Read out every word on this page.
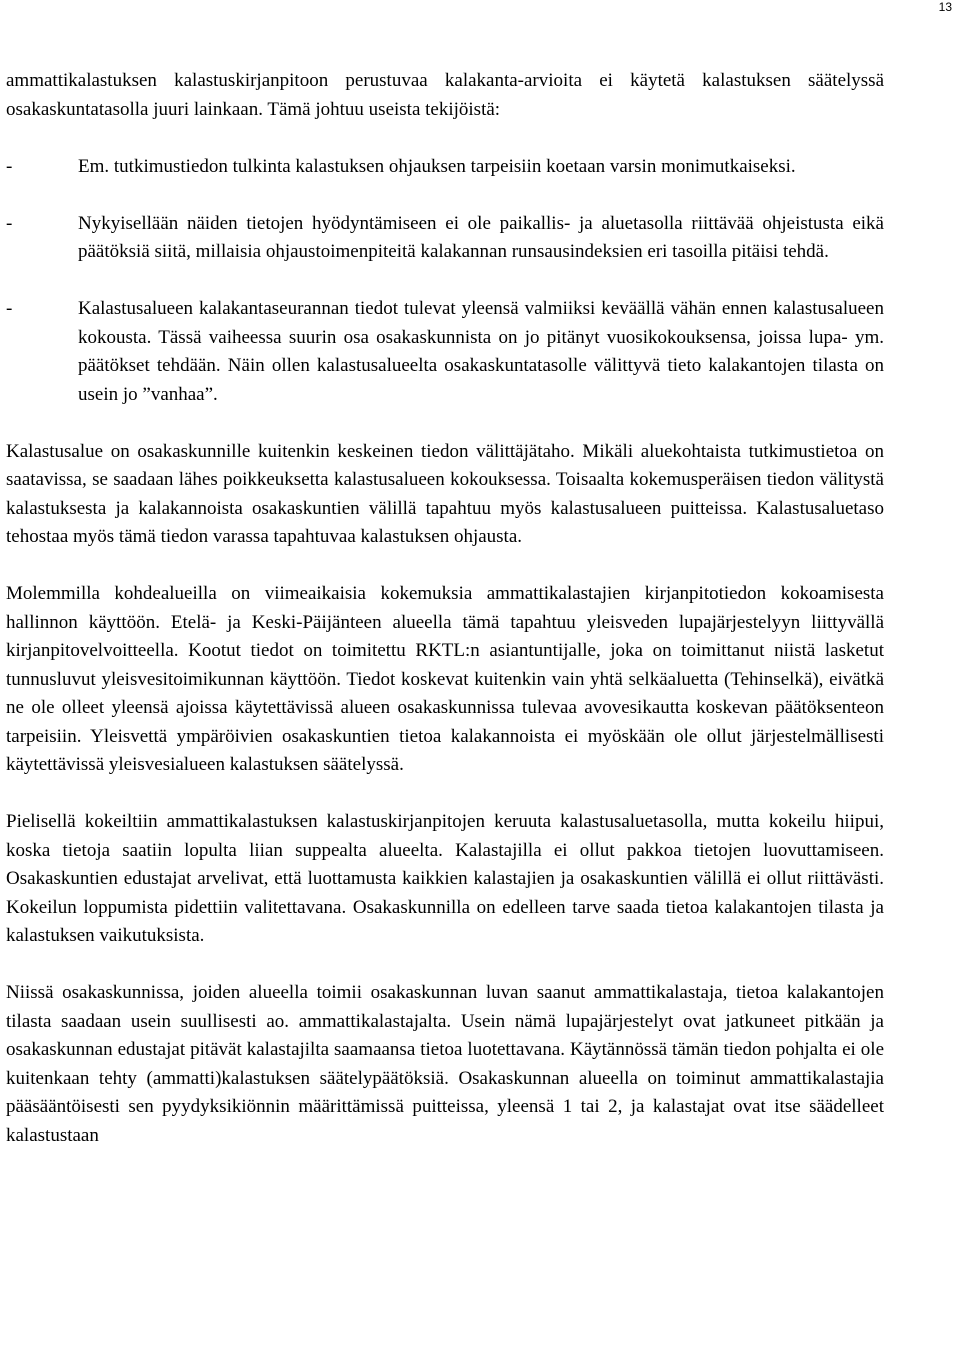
13

ammattikalastuksen kalastuskirjanpitoon perustuvaa kalakanta-arvioita ei käytetä kalastuksen säätelyssä osakaskuntatasolla juuri lainkaan. Tämä johtuu useista tekijöistä:

-	Em. tutkimustiedon tulkinta kalastuksen ohjauksen tarpeisiin koetaan varsin monimutkaiseksi.
-	Nykyisellään näiden tietojen hyödyntämiseen ei ole paikallis- ja aluetasolla riittävää ohjeistusta eikä päätöksiä siitä, millaisia ohjaustoimenpiteitä kalakannan runsausindeksien eri tasoilla pitäisi tehdä.
-	Kalastusalueen kalakantaseurannan tiedot tulevat yleensä valmiiksi keväällä vähän ennen kalastusalueen kokousta. Tässä vaiheessa suurin osa osakaskunnista on jo pitänyt vuosikokouksensa, joissa lupa- ym. päätökset tehdään. Näin ollen kalastusalueelta osakaskuntatasolle välittyvä tieto kalakantojen tilasta on usein jo ”vanhaa”.

Kalastusalue on osakaskunnille kuitenkin keskeinen tiedon välittäjätaho. Mikäli aluekohtaista tutkimustietoa on saatavissa, se saadaan lähes poikkeuksetta kalastusalueen kokouksessa. Toisaalta kokemusperäisen tiedon välitystä kalastuksesta ja kalakannoista osakaskuntien välillä tapahtuu myös kalastusalueen puitteissa. Kalastusaluetaso tehostaa myös tämä tiedon varassa tapahtuvaa kalastuksen ohjausta.

Molemmilla kohdealueilla on viimeaikaisia kokemuksia ammattikalastajien kirjanpitotiedon kokoamisesta hallinnon käyttöön. Etelä- ja Keski-Päijänteen alueella tämä tapahtuu yleisveden lupajärjestelyyn liittyvällä kirjanpitovelvoitteella. Kootut tiedot on toimitettu RKTL:n asiantuntijalle, joka on toimittanut niistä lasketut tunnusluvut yleisvesitoimikunnan käyttöön. Tiedot koskevat kuitenkin vain yhtä selkäaluetta (Tehinselkä), eivätkä ne ole olleet yleensä ajoissa käytettävissä alueen osakaskunnissa tulevaa avovesikautta koskevan päätöksenteon tarpeisiin. Yleisvettä ympäröivien osakaskuntien tietoa kalakannoista ei myöskään ole ollut järjestelmällisesti käytettävissä yleisvesialueen kalastuksen säätelyssä.

Pielisellä kokeiltiin ammattikalastuksen kalastuskirjanpitojen keruuta kalastusaluetasolla, mutta kokeilu hiipui, koska tietoja saatiin lopulta liian suppealta alueelta. Kalastajilla ei ollut pakkoa tietojen luovuttamiseen. Osakaskuntien edustajat arvelivat, että luottamusta kaikkien kalastajien ja osakaskuntien välillä ei ollut riittävästi. Kokeilun loppumista pidettiin valitettavana. Osakaskunnilla on edelleen tarve saada tietoa kalakantojen tilasta ja kalastuksen vaikutuksista.

Niissä osakaskunnissa, joiden alueella toimii osakaskunnan luvan saanut ammattikalastaja, tietoa kalakantojen tilasta saadaan usein suullisesti ao. ammattikalastajalta. Usein nämä lupajärjestelyt ovat jatkuneet pitkään ja osakaskunnan edustajat pitävät kalastajilta saamaansa tietoa luotettavana. Käytännössä tämän tiedon pohjalta ei ole kuitenkaan tehty (ammatti)kalastuksen säätelypäätöksiä. Osakaskunnan alueella on toiminut ammattikalastajia pääsääntöisesti sen pyydyksikiönnin määrittämissä puitteissa, yleensä 1 tai 2, ja kalastajat ovat itse säädelleet kalastustaan
